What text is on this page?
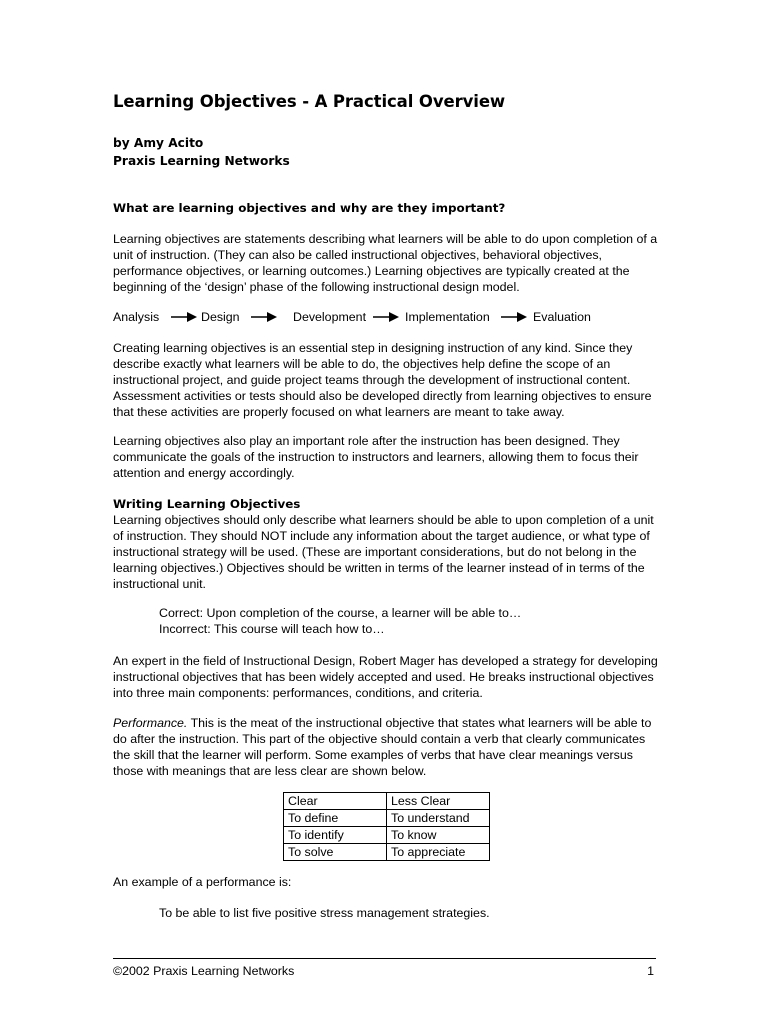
Learning Objectives - A Practical Overview
by Amy Acito
Praxis Learning Networks
What are learning objectives and why are they important?

Learning objectives are statements describing what learners will be able to do upon completion of a unit of instruction. (They can also be called instructional objectives, behavioral objectives, performance objectives, or learning outcomes.) Learning objectives are typically created at the beginning of the ‘design’ phase of the following instructional design model.

Analysis	Design	Development	Implementation	Evaluation

Creating learning objectives is an essential step in designing instruction of any kind. Since they describe exactly what learners will be able to do, the objectives help define the scope of an instructional project, and guide project teams through the development of instructional content. Assessment activities or tests should also be developed directly from learning objectives to ensure that these activities are properly focused on what learners are meant to take away.

Learning objectives also play an important role after the instruction has been designed. They communicate the goals of the instruction to instructors and learners, allowing them to focus their attention and energy accordingly.

Writing Learning Objectives

Learning objectives should only describe what learners should be able to upon completion of a unit of instruction. They should NOT include any information about the target audience, or what type of instructional strategy will be used. (These are important considerations, but do not belong in the learning objectives.) Objectives should be written in terms of the learner instead of in terms of the instructional unit.

Correct: Upon completion of the course, a learner will be able to…
Incorrect: This course will teach how to…

An expert in the field of Instructional Design, Robert Mager has developed a strategy for developing instructional objectives that has been widely accepted and used. He breaks instructional objectives into three main components: performances, conditions, and criteria.

Performance. This is the meat of the instructional objective that states what learners will be able to do after the instruction. This part of the objective should contain a verb that clearly communicates the skill that the learner will perform. Some examples of verbs that have clear meanings versus those with meanings that are less clear are shown below.

Clear	Less Clear
To define	To understand
To identify	To know
To solve	To appreciate

An example of a performance is:

To be able to list five positive stress management strategies.
©2002 Praxis Learning Networks	1
